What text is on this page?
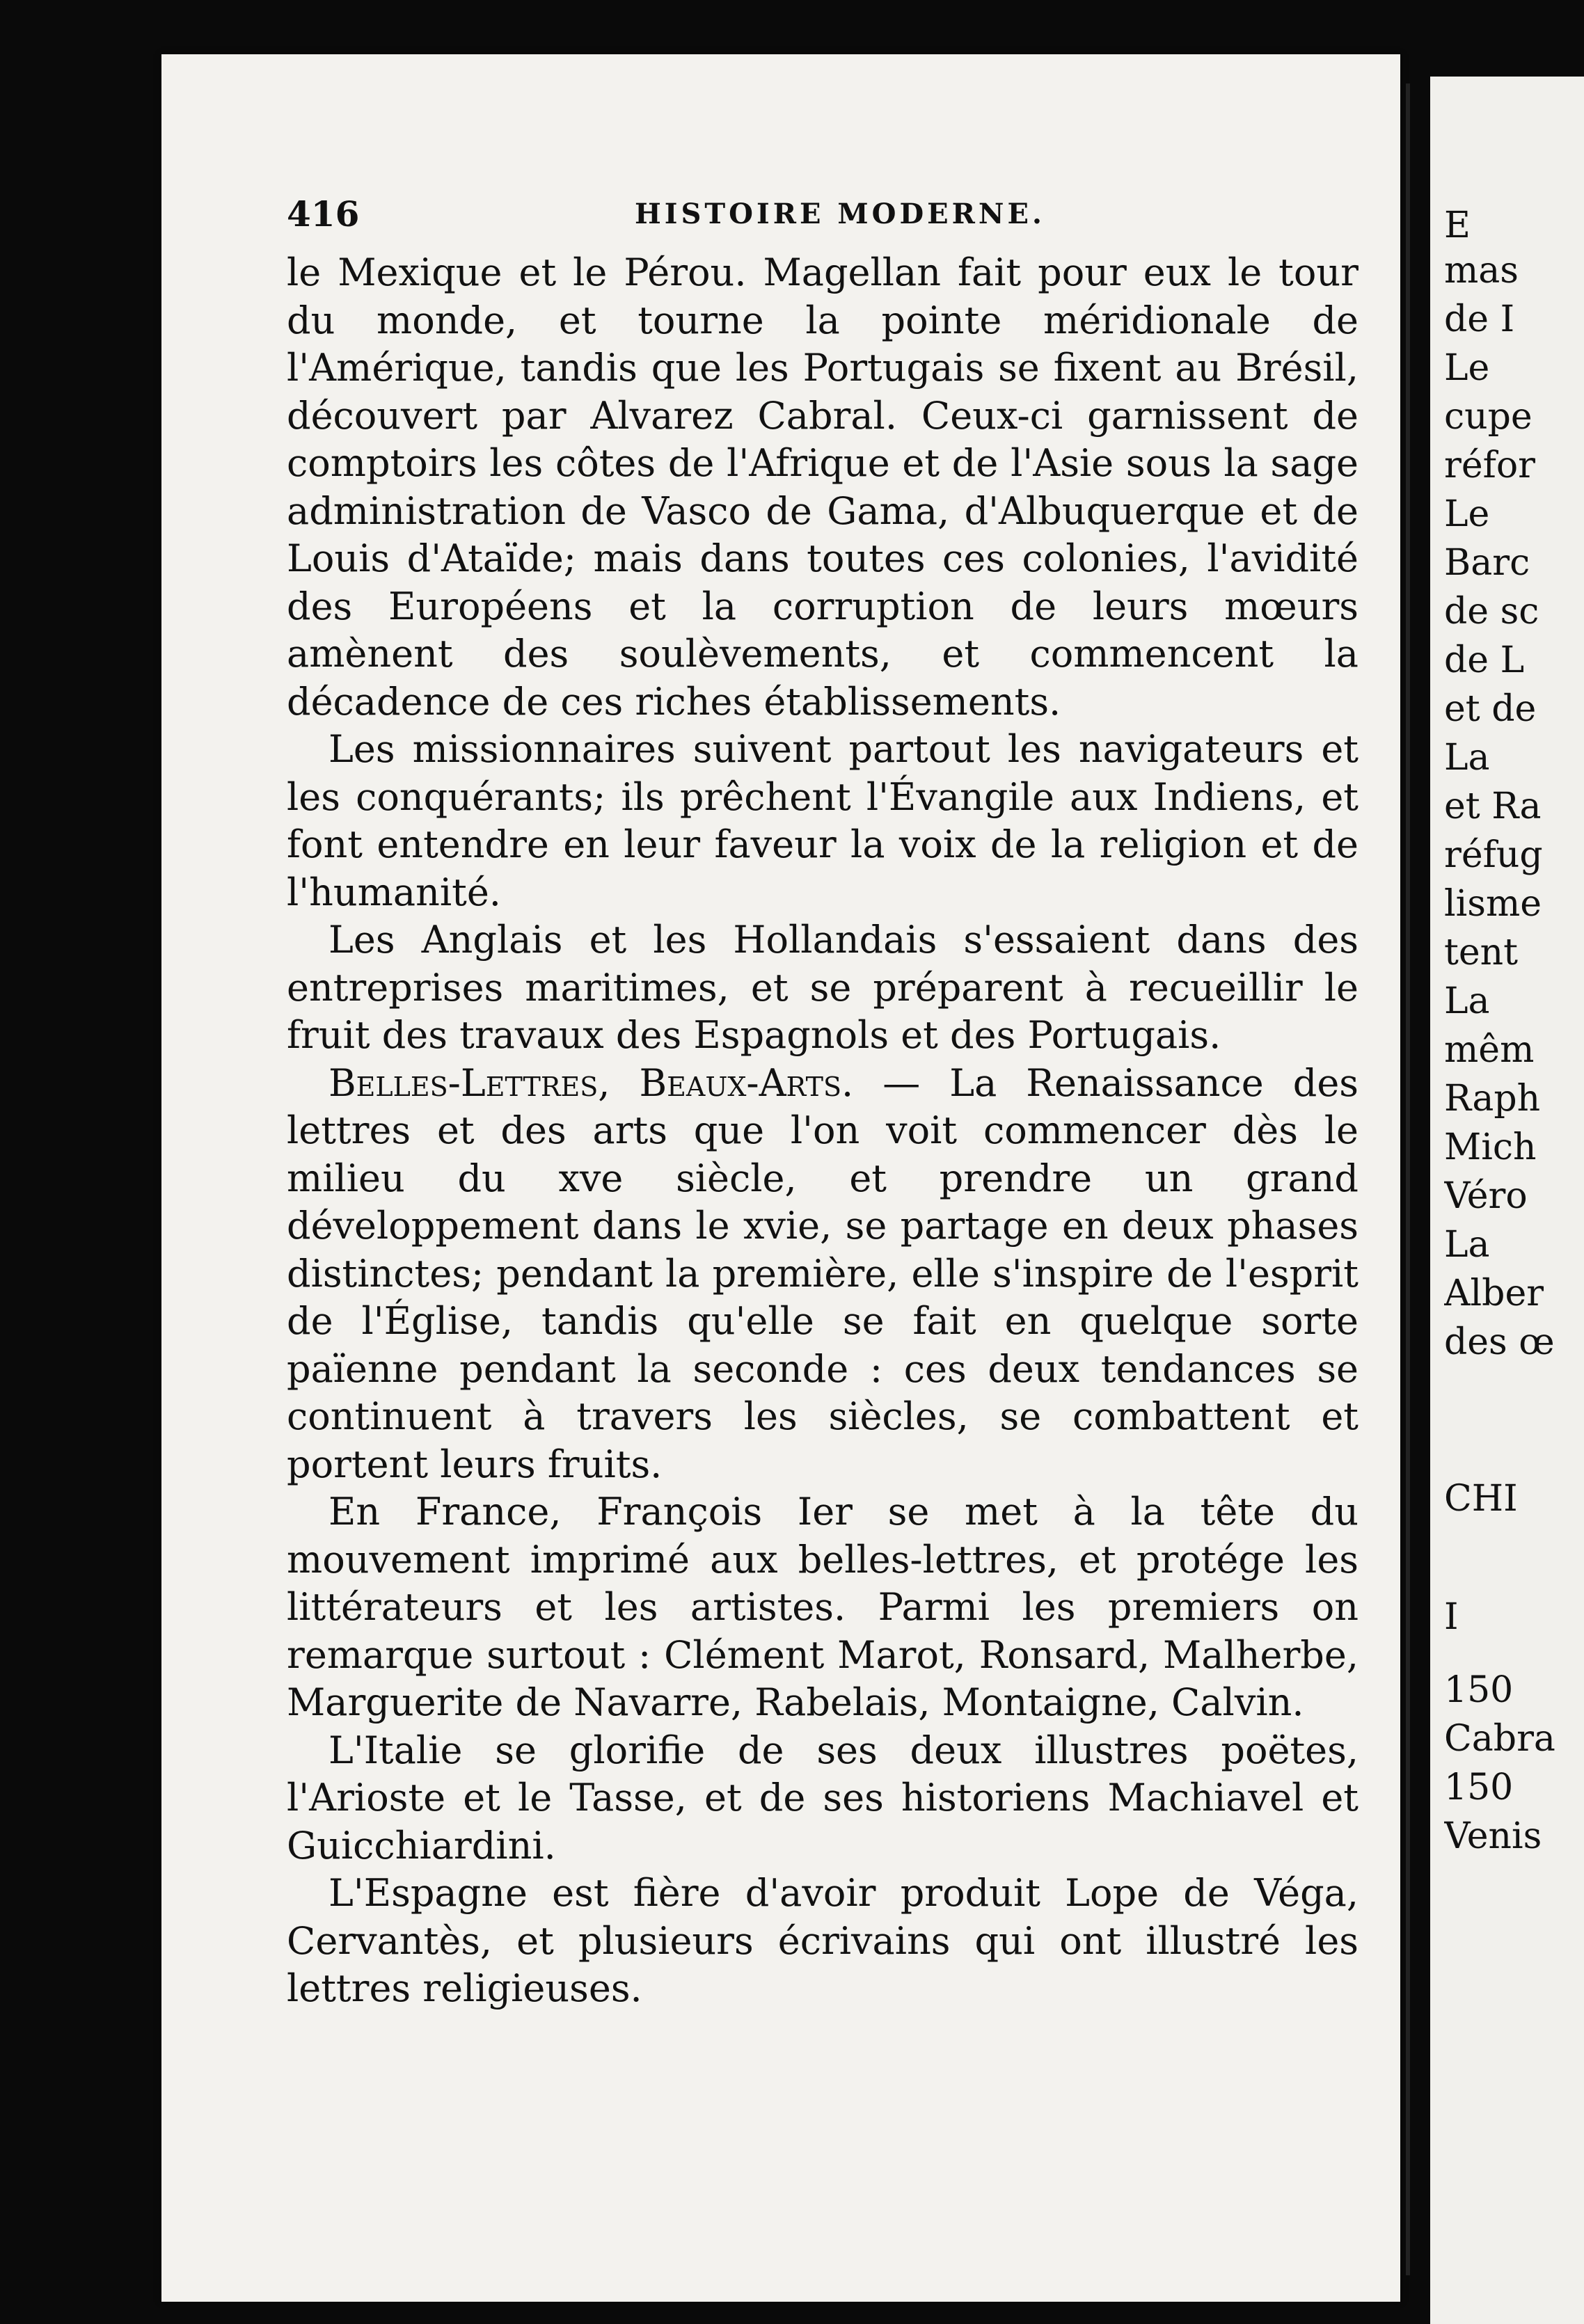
416	HISTOIRE MODERNE.

le Mexique et le Pérou. Magellan fait pour eux le tour du monde, et tourne la pointe méridionale de l'Amérique, tandis que les Portugais se fixent au Brésil, découvert par Alvarez Cabral. Ceux-ci garnissent de comptoirs les côtes de l'Afrique et de l'Asie sous la sage administration de Vasco de Gama, d'Albuquerque et de Louis d'Ataïde; mais dans toutes ces colonies, l'avidité des Européens et la corruption de leurs mœurs amènent des soulèvements, et commencent la décadence de ces riches établissements.

Les missionnaires suivent partout les navigateurs et les conquérants; ils prêchent l'Évangile aux Indiens, et font entendre en leur faveur la voix de la religion et de l'humanité.

Les Anglais et les Hollandais s'essaient dans des entreprises maritimes, et se préparent à recueillir le fruit des travaux des Espagnols et des Portugais.

Belles-Lettres, Beaux-Arts. — La Renaissance des lettres et des arts que l'on voit commencer dès le milieu du xve siècle, et prendre un grand développement dans le xvie, se partage en deux phases distinctes; pendant la première, elle s'inspire de l'esprit de l'Église, tandis qu'elle se fait en quelque sorte païenne pendant la seconde : ces deux tendances se continuent à travers les siècles, se combattent et portent leurs fruits.

En France, François Ier se met à la tête du mouvement imprimé aux belles-lettres, et protége les littérateurs et les artistes. Parmi les premiers on remarque surtout : Clément Marot, Ronsard, Malherbe, Marguerite de Navarre, Rabelais, Montaigne, Calvin.

L'Italie se glorifie de ses deux illustres poëtes, l'Arioste et le Tasse, et de ses historiens Machiavel et Guicchiardini.

L'Espagne est fière d'avoir produit Lope de Véga, Cervantès, et plusieurs écrivains qui ont illustré les lettres religieuses.

E
mas
de I
Le
cupe
réfor
Le
Barc
de sc
de L
et de
La
et Ra
réfug
lisme
tent
La
mêm
Raph
Mich
Véro
La
Alber
des œ
CHI
I
150
Cabra
150
Venis
